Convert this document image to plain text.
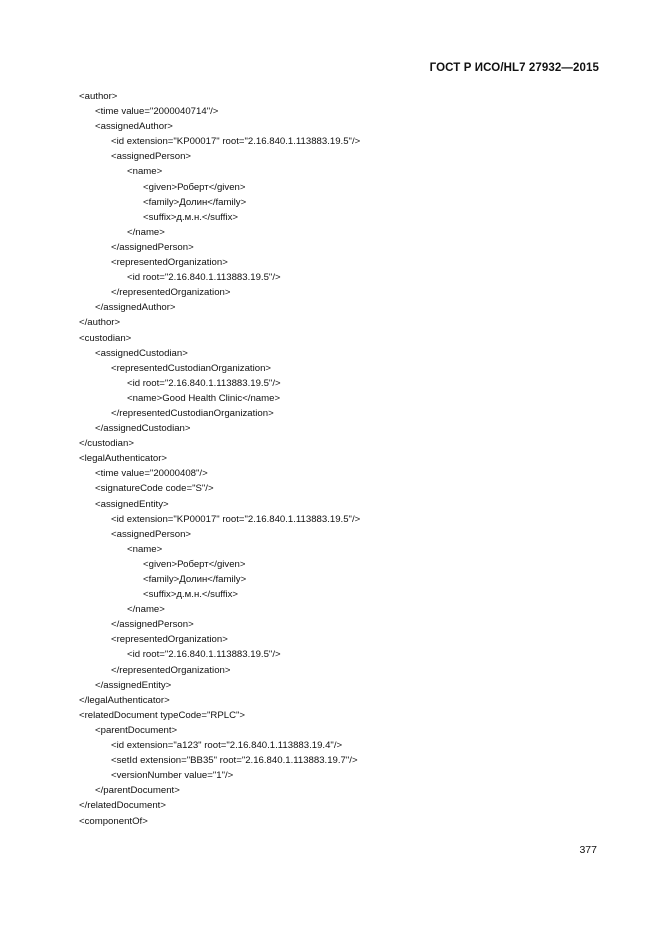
ГОСТ Р ИСО/HL7 27932—2015
<author>
<time value="2000040714"/>
<assignedAuthor>
<id extension="KP00017" root="2.16.840.1.113883.19.5"/>
<assignedPerson>
<name>
<given>Роберт</given>
<family>Долин</family>
<suffix>д.м.н.</suffix>
</name>
</assignedPerson>
<representedOrganization>
<id root="2.16.840.1.113883.19.5"/>
</representedOrganization>
</assignedAuthor>
</author>
<custodian>
<assignedCustodian>
<representedCustodianOrganization>
<id root="2.16.840.1.113883.19.5"/>
<name>Good Health Clinic</name>
</representedCustodianOrganization>
</assignedCustodian>
</custodian>
<legalAuthenticator>
<time value="20000408"/>
<signatureCode code="S"/>
<assignedEntity>
<id extension="KP00017" root="2.16.840.1.113883.19.5"/>
<assignedPerson>
<name>
<given>Роберт</given>
<family>Долин</family>
<suffix>д.м.н.</suffix>
</name>
</assignedPerson>
<representedOrganization>
<id root="2.16.840.1.113883.19.5"/>
</representedOrganization>
</assignedEntity>
</legalAuthenticator>
<relatedDocument typeCode="RPLC">
<parentDocument>
<id extension="a123" root="2.16.840.1.113883.19.4"/>
<setId extension="BB35" root="2.16.840.1.113883.19.7"/>
<versionNumber value="1"/>
</parentDocument>
</relatedDocument>
<componentOf>
377
